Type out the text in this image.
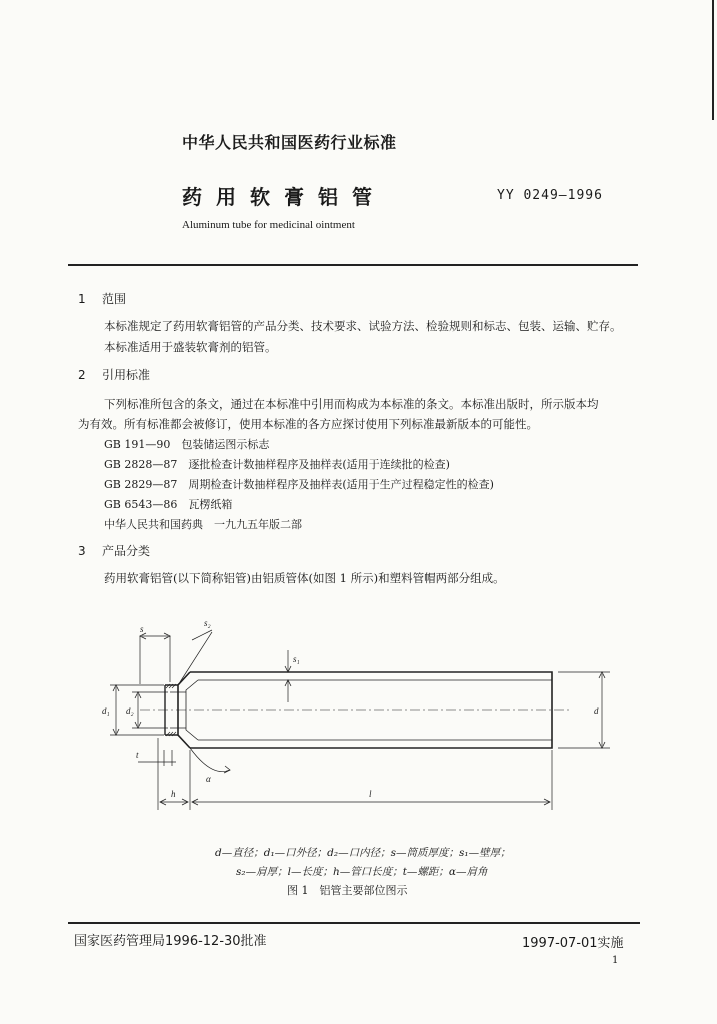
中华人民共和国医药行业标准
药用软膏铝管	YY 0249—1996
Aluminum tube for medicinal ointment
1 范围
本标准规定了药用软膏铝管的产品分类、技术要求、试验方法、检验规则和标志、包装、运输、贮存。
本标准适用于盛装软膏剂的铝管。
2 引用标准
下列标准所包含的条文，通过在本标准中引用而构成为本标准的条文。本标准出版时，所示版本均
为有效。所有标准都会被修订，使用本标准的各方应探讨使用下列标准最新版本的可能性。
GB 191—90　包装储运图示标志
GB 2828—87　逐批检查计数抽样程序及抽样表(适用于连续批的检查)
GB 2829—87　周期检查计数抽样程序及抽样表(适用于生产过程稳定性的检查)
GB 6543—86　瓦楞纸箱
中华人民共和国药典　一九九五年版二部
3 产品分类
药用软膏铝管(以下简称铝管)由铝质管体(如图 1 所示)和塑料管帽两部分组成。
s
s₂
s₁
d
d₁ d₂
t
h	l
α
d—直径；d₁—口外径；d₂—口内径；s—筒质厚度；s₁—壁厚；
s₂—肩厚；l—长度；h—管口长度；t—螺距；α—肩角
图 1　铝管主要部位图示
国家医药管理局1996-12-30批准	1997-07-01实施
1
